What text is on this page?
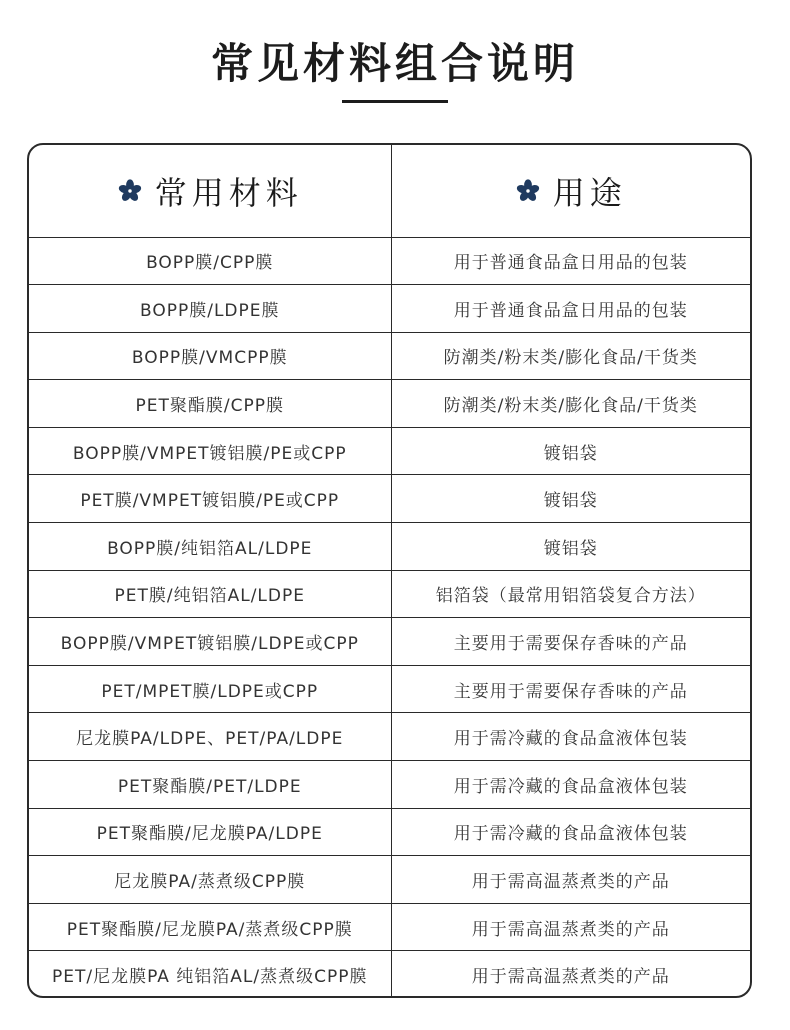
常见材料组合说明
常用材料	用途

BOPP膜/CPP膜	用于普通食品盒日用品的包装
BOPP膜/LDPE膜	用于普通食品盒日用品的包装
BOPP膜/VMCPP膜	防潮类/粉末类/膨化食品/干货类
PET聚酯膜/CPP膜	防潮类/粉末类/膨化食品/干货类
BOPP膜/VMPET镀铝膜/PE或CPP	镀铝袋
PET膜/VMPET镀铝膜/PE或CPP	镀铝袋
BOPP膜/纯铝箔AL/LDPE	镀铝袋
PET膜/纯铝箔AL/LDPE	铝箔袋（最常用铝箔袋复合方法）
BOPP膜/VMPET镀铝膜/LDPE或CPP	主要用于需要保存香味的产品
PET/MPET膜/LDPE或CPP	主要用于需要保存香味的产品
尼龙膜PA/LDPE、PET/PA/LDPE	用于需冷藏的食品盒液体包装
PET聚酯膜/PET/LDPE	用于需冷藏的食品盒液体包装
PET聚酯膜/尼龙膜PA/LDPE	用于需冷藏的食品盒液体包装
尼龙膜PA/蒸煮级CPP膜	用于需高温蒸煮类的产品
PET聚酯膜/尼龙膜PA/蒸煮级CPP膜	用于需高温蒸煮类的产品
PET/尼龙膜PA 纯铝箔AL/蒸煮级CPP膜	用于需高温蒸煮类的产品
